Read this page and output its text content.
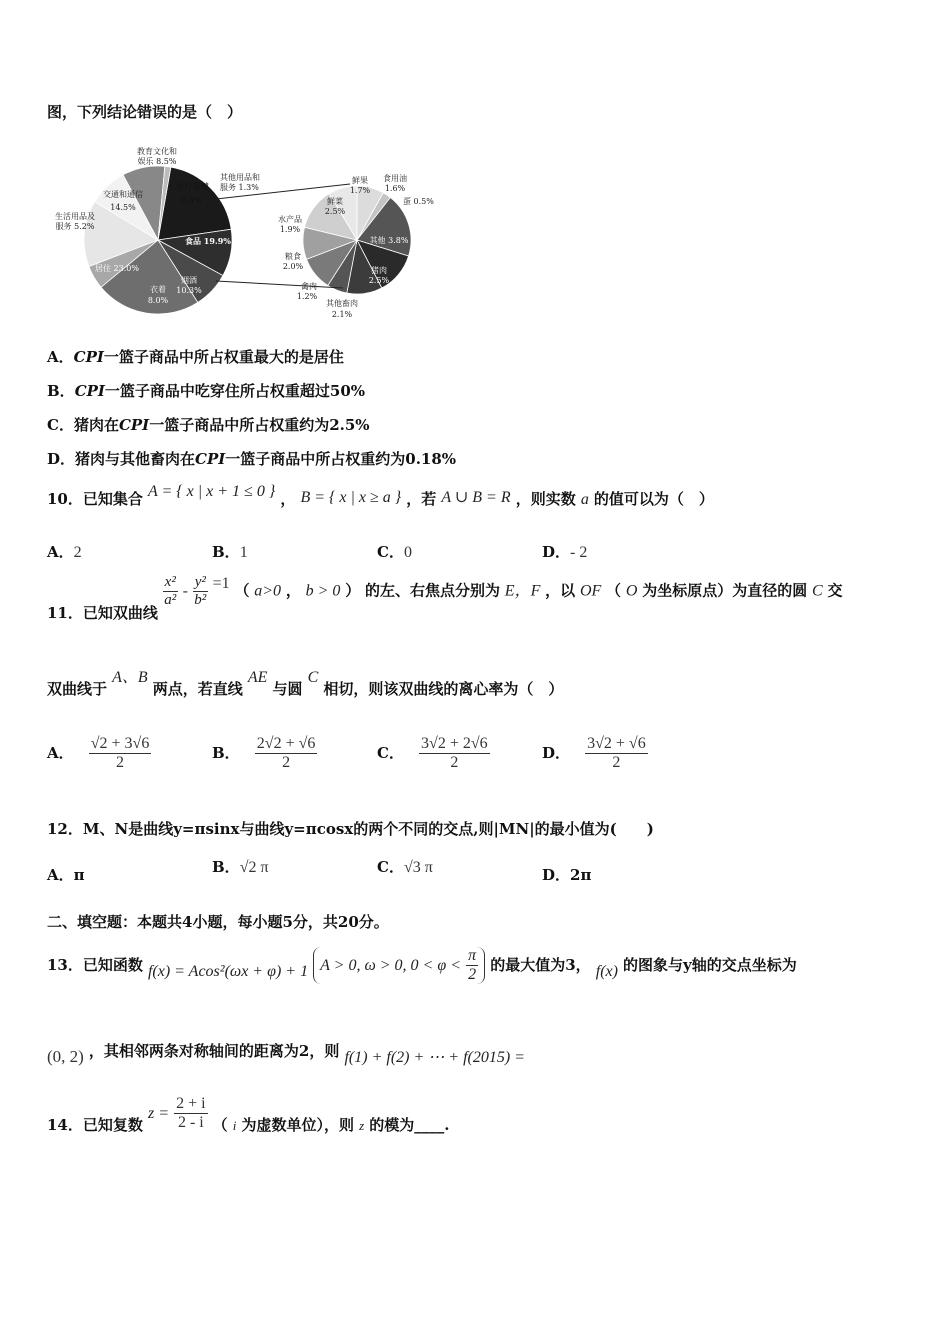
图，下列结论错误的是（　）
教育文化和
娱乐 8.5%
其他用品和
服务 1.3%
医疗保健
9.3%
交通和通信
14.5%
生活用品及
服务 5.2%
食品 19.9%
居住 23.0%
烟酒
10.3%
衣着
8.0%
食用油
1.6%
蛋 0.5%
其他 3.8%
猪肉
2.5%
鲜果
1.7%
鲜菜
2.5%
水产品
1.9%
粮食
2.0%
禽肉
1.2%
其他畜肉
2.1%
A．CPI一篮子商品中所占权重最大的是居住
B．CPI一篮子商品中吃穿住所占权重超过50%
C．猪肉在CPI一篮子商品中所占权重约为2.5%
D．猪肉与其他畜肉在CPI一篮子商品中所占权重约为0.18%
10．已知集合 A = { x | x + 1 ≤ 0 } ， B = { x | x ≥ a } ，若 A ∪ B = R ，则实数 a 的值可以为（　）
A．2	B．1	C．0	D．- 2
11．已知双曲线
$\frac{\text{x²}}{\text{a²}} - \frac{\text{y²}}{\text{b²}} =1$ （ a>0 ， b > 0 ） 的左、右焦点分别为 E，F ，以 OF （ O 为坐标原点）为直径的圆 C 交
双曲线于 A、B 两点，若直线 AE 与圆 C 相切，则该双曲线的离心率为（　）
A． $\frac{√2 + 3√6}{2}$	B． $\frac{2√2 + √6}{2}$	C． $\frac{3√2 + 2√6}{2}$	D． $\frac{3√2 + √6}{2}$
12．M、N是曲线y=πsinx与曲线y=πcosx的两个不同的交点,则|MN|的最小值为(　　)
A．π	B．√2 π	C．√3 π	D．2π
二、填空题：本题共4小题，每小题5分，共20分。
13．已知函数 f(x) = Acos²(ωx + φ) + 1 A > 0, ω > 0, $0 < \varphi < \frac{\pi}{2}$ 的最大值为3， f(x) 的图象与y轴的交点坐标为
(0, 2) ，其相邻两条对称轴间的距离为2，则 f(1) + f(2) + ⋯ + f(2015) =
14．已知复数 $z = \frac{2 + i}{2 - i}$ （ $_i$ 为虚数单位），则 $_z$ 的模为____.
